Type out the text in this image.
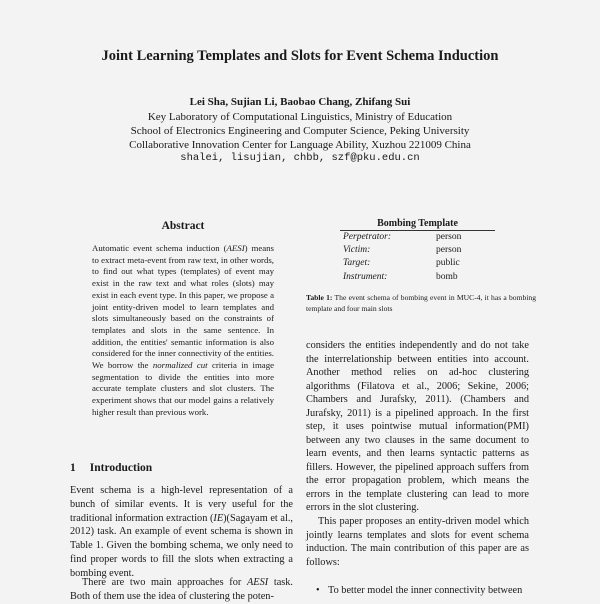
Joint Learning Templates and Slots for Event Schema Induction
Lei Sha, Sujian Li, Baobao Chang, Zhifang Sui
Key Laboratory of Computational Linguistics, Ministry of Education
School of Electronics Engineering and Computer Science, Peking University
Collaborative Innovation Center for Language Ability, Xuzhou 221009 China
shalei, lisujian, chbb, szf@pku.edu.cn
Abstract
Automatic event schema induction (AESI) means to extract meta-event from raw text, in other words, to find out what types (templates) of event may exist in the raw text and what roles (slots) may exist in each event type. In this paper, we propose a joint entity-driven model to learn templates and slots simultaneously based on the constraints of templates and slots in the same sentence. In addition, the entities' semantic information is also considered for the inner connectivity of the entities. We borrow the normalized cut criteria in image segmentation to divide the entities into more accurate template clusters and slot clusters. The experiment shows that our model gains a relatively higher result than previous work.
1 Introduction
Event schema is a high-level representation of a bunch of similar events. It is very useful for the traditional information extraction (IE)(Sagayam et al., 2012) task. An example of event schema is shown in Table 1. Given the bombing schema, we only need to find proper words to fill the slots when extracting a bombing event.
There are two main approaches for AESI task. Both of them use the idea of clustering the poten-
Bombing Template
Perpetrator:	person
Victim:	person
Target:	public
Instrument:	bomb
Table 1: The event schema of bombing event in MUC-4, it has a bombing template and four main slots
considers the entities independently and do not take the interrelationship between entities into account. Another method relies on ad-hoc clustering algorithms (Filatova et al., 2006; Sekine, 2006; Chambers and Jurafsky, 2011). (Chambers and Jurafsky, 2011) is a pipelined approach. In the first step, it uses pointwise mutual information(PMI) between any two clauses in the same document to learn events, and then learns syntactic patterns as fillers. However, the pipelined approach suffers from the error propagation problem, which means the errors in the template clustering can lead to more errors in the slot clustering.
This paper proposes an entity-driven model which jointly learns templates and slots for event schema induction. The main contribution of this paper are as follows:
• To better model the inner connectivity between
